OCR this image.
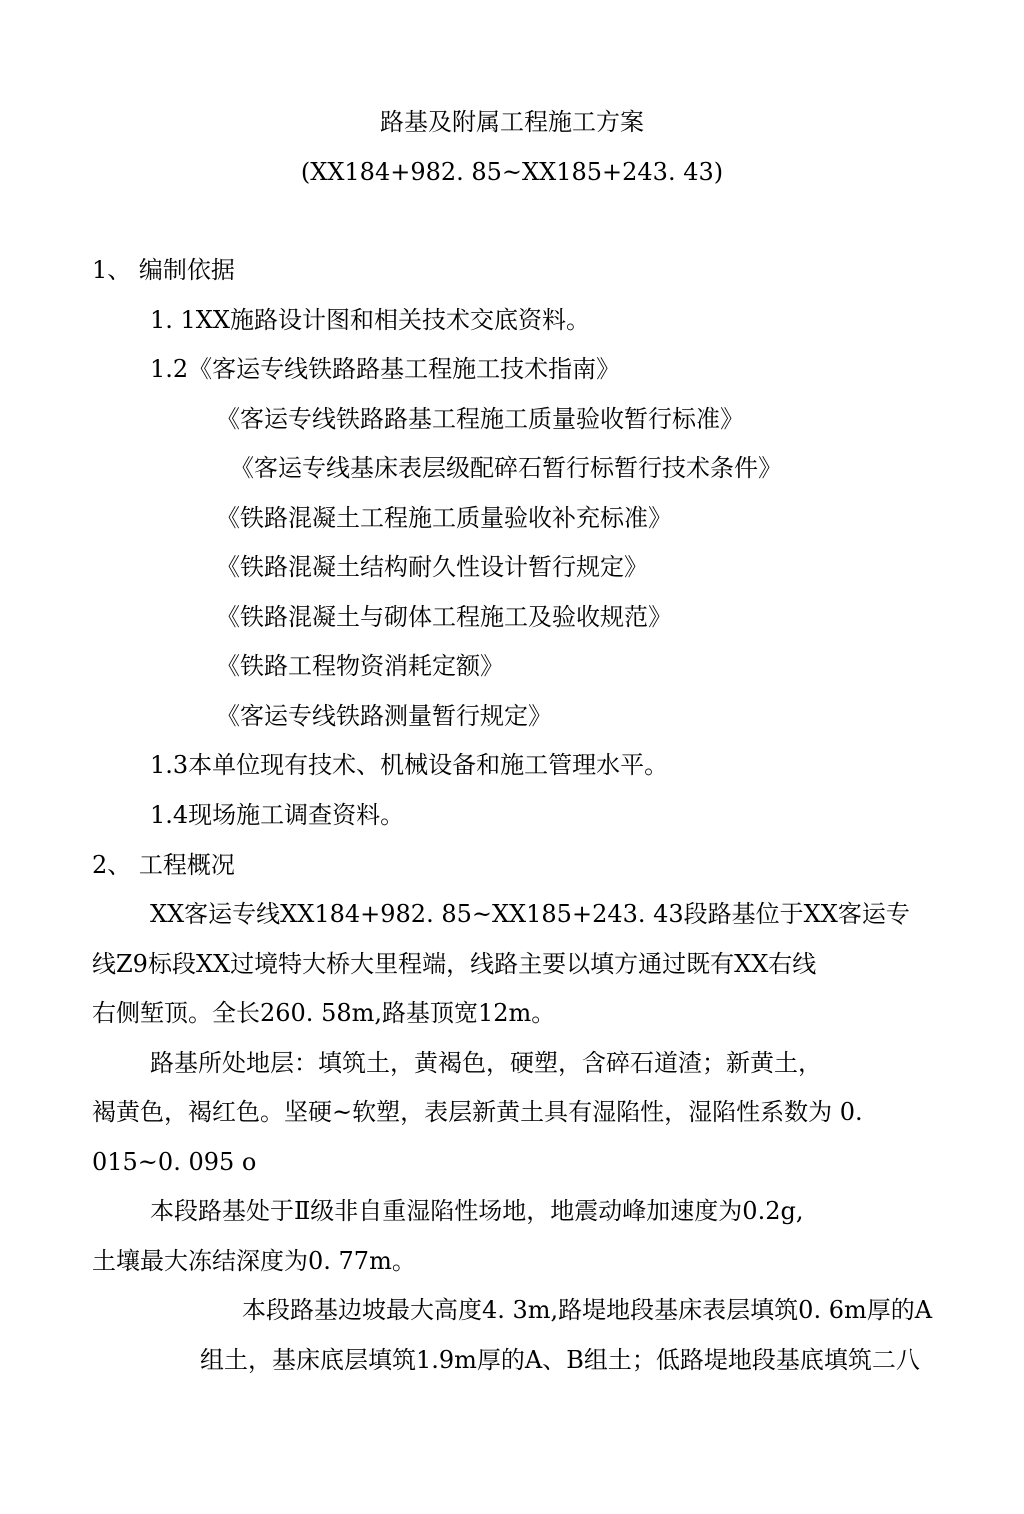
路基及附属工程施工方案
(XX184+982. 85~XX185+243. 43)
1、 编制依据
1. 1XX施路设计图和相关技术交底资料。
1.2《客运专线铁路路基工程施工技术指南》
《客运专线铁路路基工程施工质量验收暂行标准》
《客运专线基床表层级配碎石暂行标暂行技术条件》
《铁路混凝土工程施工质量验收补充标准》
《铁路混凝土结构耐久性设计暂行规定》
《铁路混凝土与砌体工程施工及验收规范》
《铁路工程物资消耗定额》
《客运专线铁路测量暂行规定》
1.3本单位现有技术、机械设备和施工管理水平。
1.4现场施工调查资料。
2、 工程概况
XX客运专线XX184+982. 85~XX185+243. 43段路基位于XX客运专
线Z9标段XX过境特大桥大里程端，线路主要以填方通过既有XX右线
右侧堑顶。全长260. 58m,路基顶宽12m。
路基所处地层：填筑土，黄褐色，硬塑，含碎石道渣；新黄土，
褐黄色，褐红色。坚硬~软塑，表层新黄土具有湿陷性，湿陷性系数为 0.
015~0. 095 o
本段路基处于Ⅱ级非自重湿陷性场地，地震动峰加速度为0.2g,
土壤最大冻结深度为0. 77m。
本段路基边坡最大高度4. 3m,路堤地段基床表层填筑0. 6m厚的A
组土，基床底层填筑1.9m厚的A、B组土；低路堤地段基底填筑二八
